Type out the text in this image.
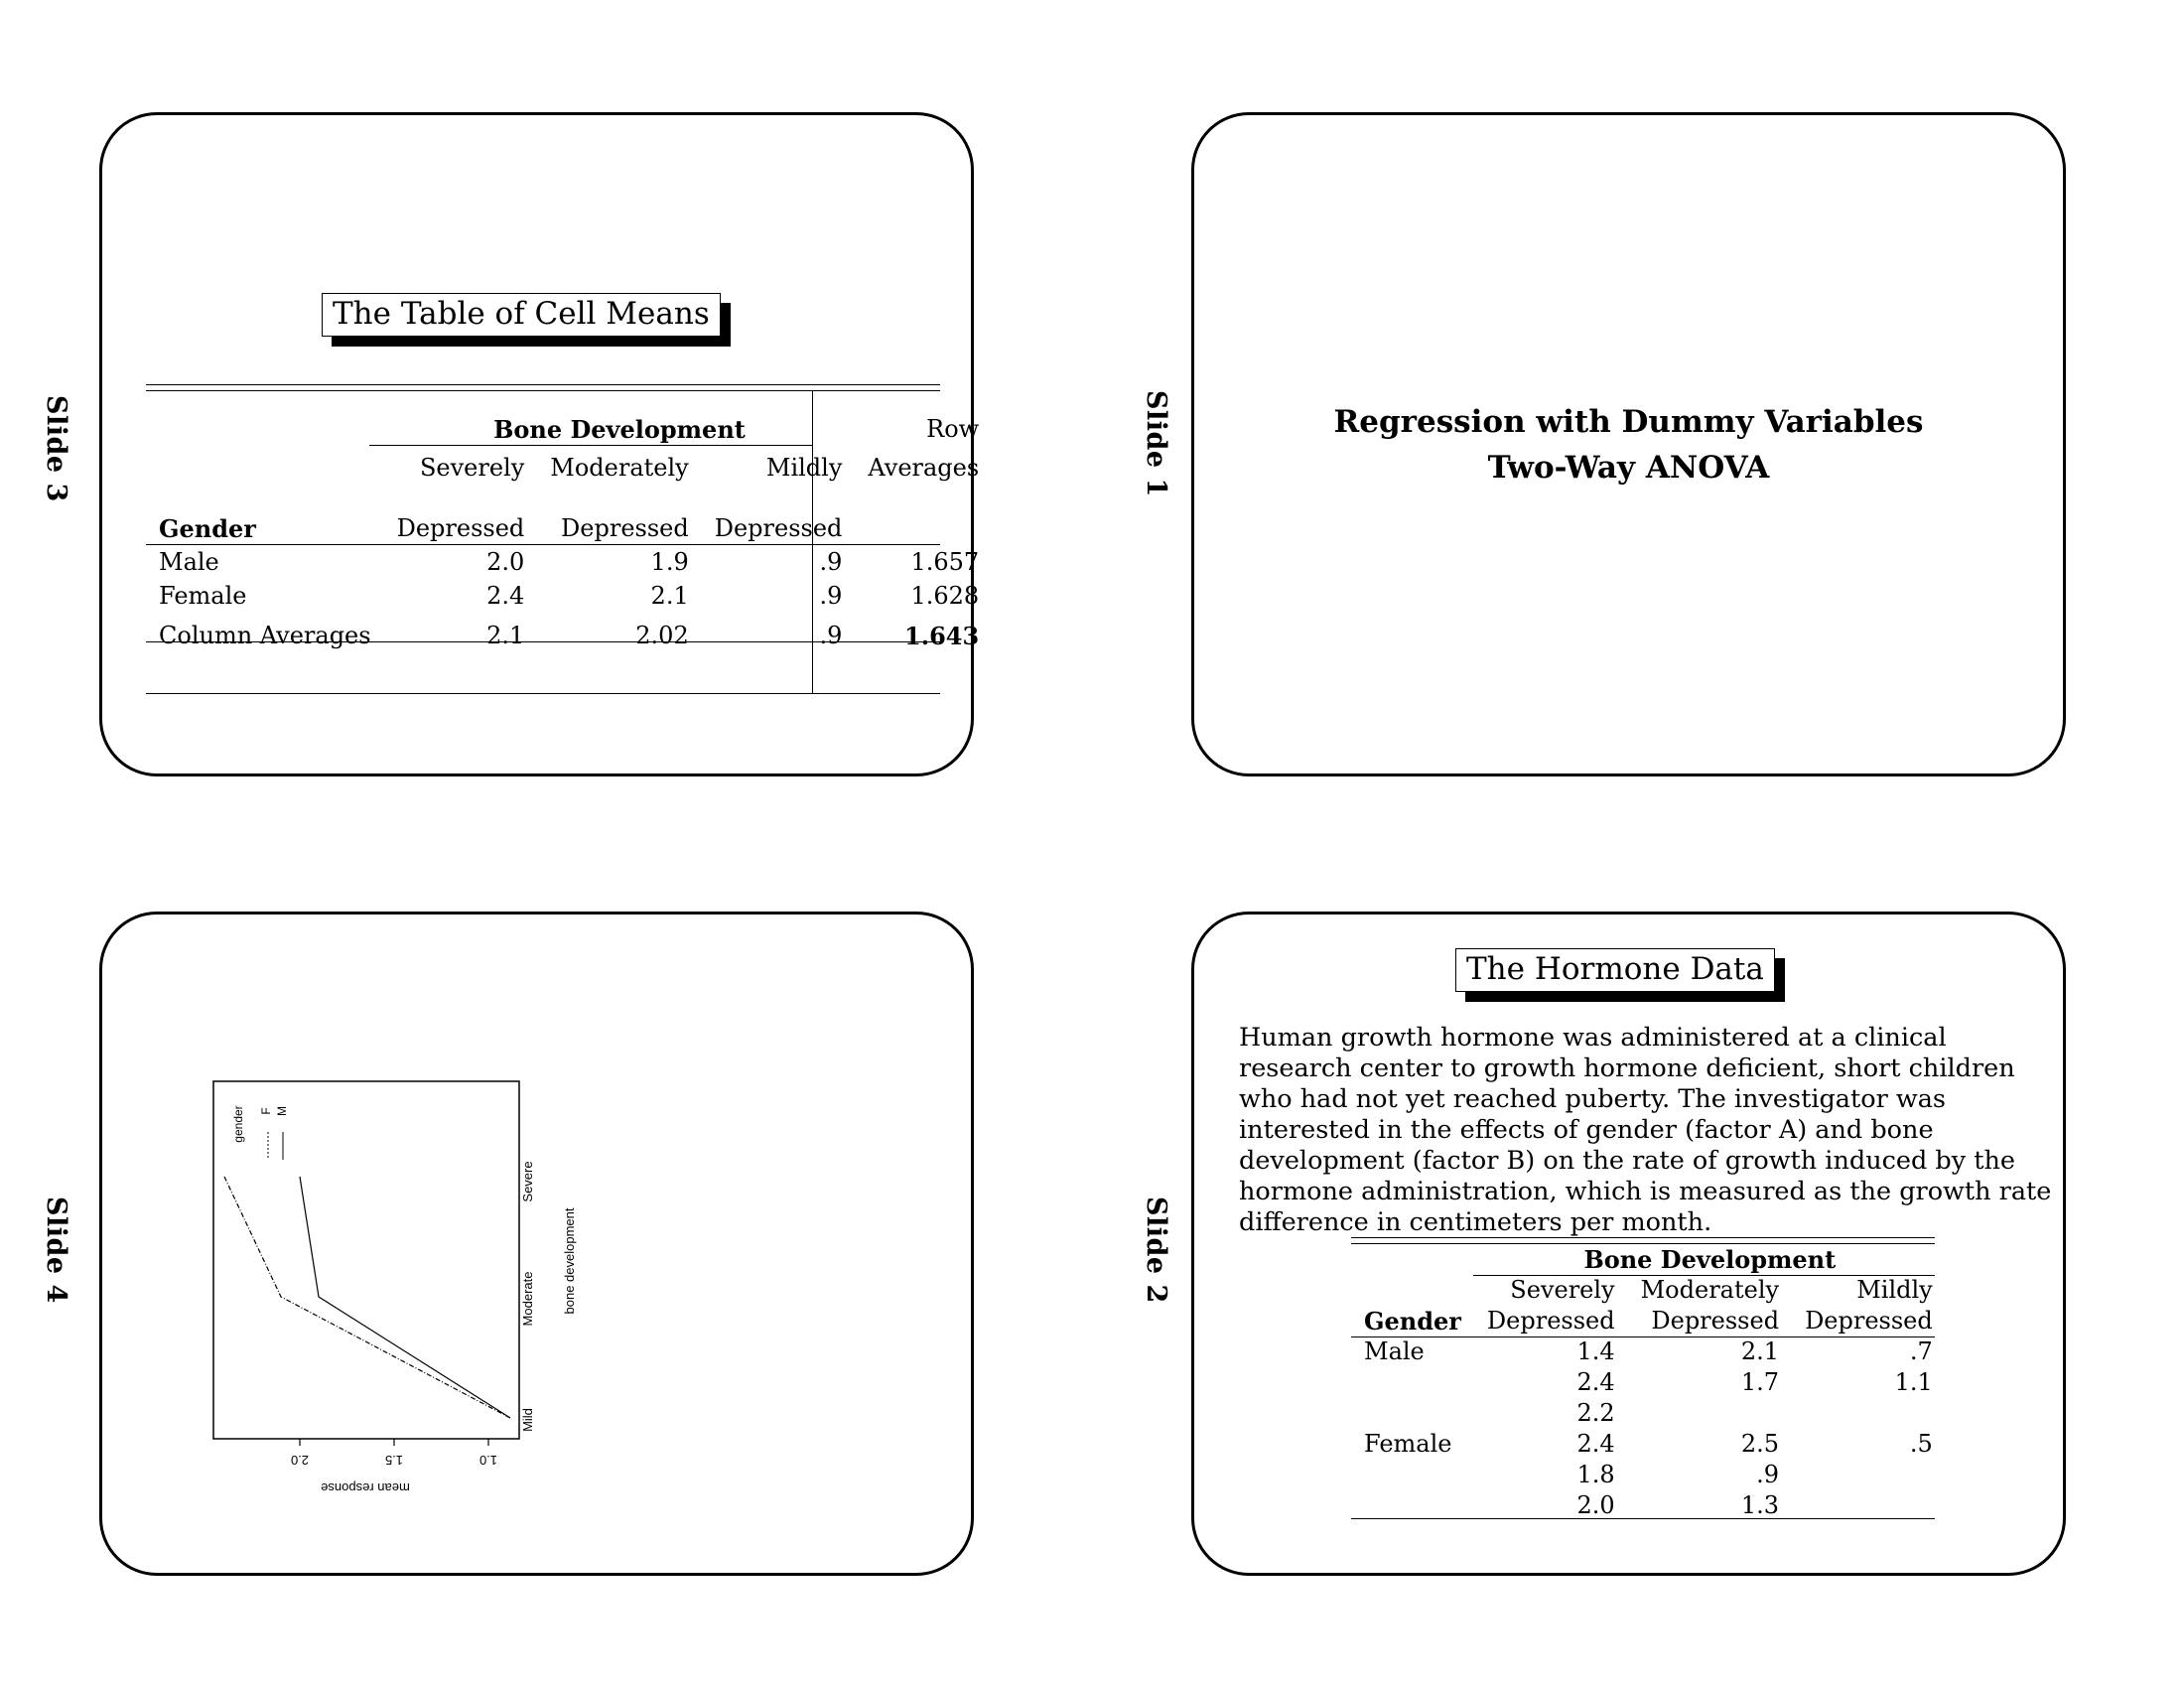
Slide 3
The Table of Cell Means
	Bone Development			Row
	Severely	Moderately	Mildly	Averages
Gender	Depressed	Depressed	Depressed	
Male	2.0	1.9	.9	1.657
Female	2.4	2.1	.9	1.628
Column Averages	2.1	2.02	.9	1.643
Slide 1	Regression with Dummy Variables
Two-Way ANOVA
Slide 4
2.0	1.5	1.0
mean response
Mild
Moderate
Severe
bone development
gender F M
Slide 2
The Hormone Data
Human growth hormone was administered at a clinical research center to growth hormone deficient, short children who had not yet reached puberty. The investigator was interested in the effects of gender (factor A) and bone development (factor B) on the rate of growth induced by the hormone administration, which is measured as the growth rate difference in centimeters per month.
	Bone Development		
	Severely	Moderately	Mildly
Gender	Depressed	Depressed	Depressed
Male	1.4	2.1	.7
	2.4	1.7	1.1
	2.2		
Female	2.4	2.5	.5
	1.8	.9	
	2.0	1.3	
